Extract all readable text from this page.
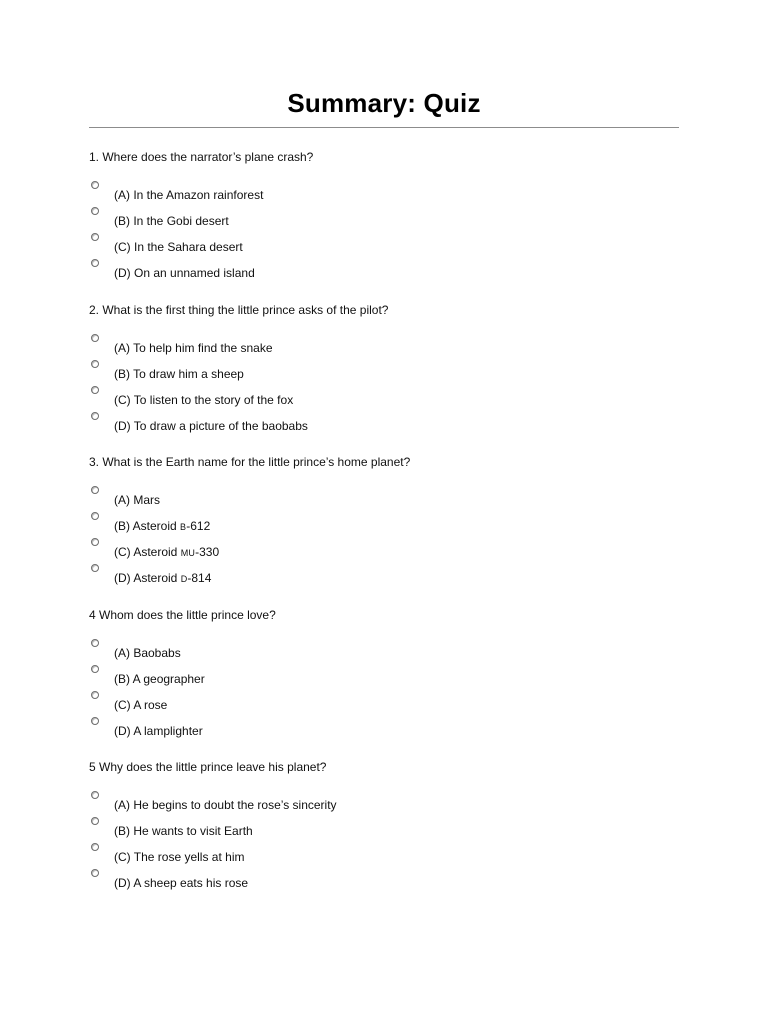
Summary: Quiz
1. Where does the narrator’s plane crash?
(A) In the Amazon rainforest
(B) In the Gobi desert
(C) In the Sahara desert
(D) On an unnamed island
2. What is the first thing the little prince asks of the pilot?
(A) To help him find the snake
(B) To draw him a sheep
(C) To listen to the story of the fox
(D) To draw a picture of the baobabs
3. What is the Earth name for the little prince’s home planet?
(A) Mars
(B) Asteroid B-612
(C) Asteroid MU-330
(D) Asteroid D-814
4 Whom does the little prince love?
(A) Baobabs
(B) A geographer
(C) A rose
(D) A lamplighter
5 Why does the little prince leave his planet?
(A) He begins to doubt the rose’s sincerity
(B) He wants to visit Earth
(C) The rose yells at him
(D) A sheep eats his rose
